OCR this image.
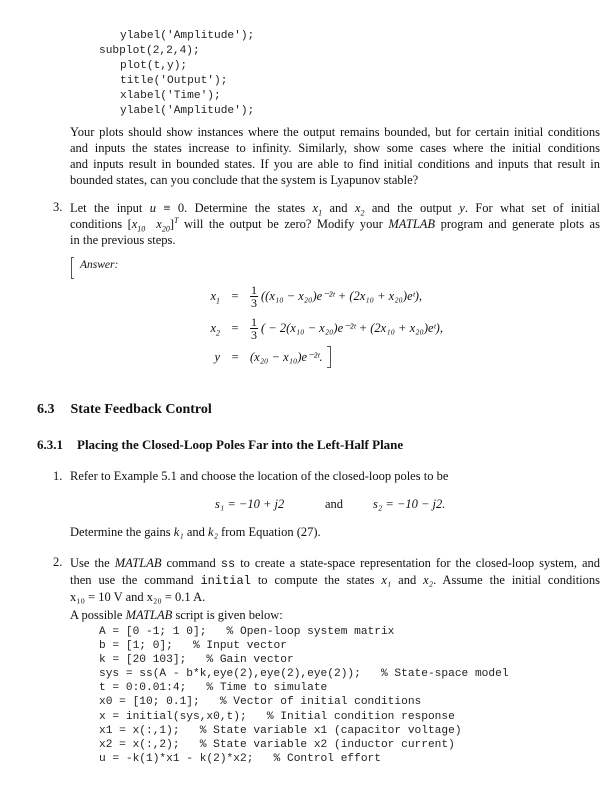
ylabel('Amplitude');
subplot(2,2,4);
plot(t,y);
title('Output');
xlabel('Time');
ylabel('Amplitude');
Your plots should show instances where the output remains bounded, but for certain initial conditions
and inputs the states increase to infinity. Similarly, show some cases where the initial conditions
and inputs result in bounded states. If you are able to find initial conditions and inputs that result in
bounded states, can you conclude that the system is Lyapunov stable?
3. Let the input u ≡ 0. Determine the states $x_1$ and $x_2$ and the output y. For what set of initial
conditions [$x_{10}$  $x_{20}]^T$ will the output be zero? Modify your MATLAB program and generate plots as
in the previous steps.
Answer:
$x_1 = \frac{1}{3} ((x_{10}$ − x₂₀)e⁻²ᵗ + (2x₁₀ + x₂₀)eᵗ),
$x_2 = \frac{1}{3}$ ( − 2(x₁₀ − x₂₀)e⁻²ᵗ + (2x₁₀ + x₂₀)eᵗ),
y = (x₂₀ − x₁₀)e⁻²ᵗ.
6.3 State Feedback Control
6.3.1 Placing the Closed-Loop Poles Far into the Left-Half Plane
1. Refer to Example 5.1 and choose the location of the closed-loop poles to be
s₁ = −10 + j2	and s₂ = −10 − j2.
Determine the gains k₁ and k₂ from Equation (27).
2. Use the MATLAB command ss to create a state-space representation for the closed-loop system, and
then use the command initial to compute the states x₁ and x₂. Assume the initial conditions
x₁₀ = 10 V and x₂₀ = 0.1 A.
A possible MATLAB script is given below:
A = [0 -1; 1 0];   % Open-loop system matrix
b = [1; 0];   % Input vector
k = [20 103];   % Gain vector
sys = ss(A - b*k,eye(2),eye(2),eye(2));   % State-space model
t = 0:0.01:4;   % Time to simulate
x0 = [10; 0.1];   % Vector of initial conditions
x = initial(sys,x0,t);   % Initial condition response
x1 = x(:,1);   % State variable x1 (capacitor voltage)
x2 = x(:,2);   % State variable x2 (inductor current)
u = -k(1)*x1 - k(2)*x2;   % Control effort
